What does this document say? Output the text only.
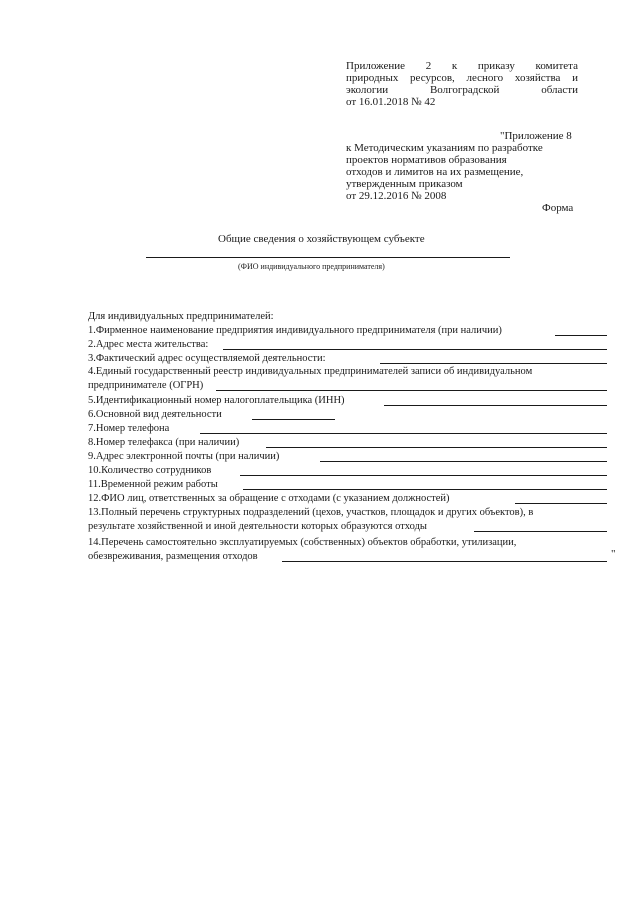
Приложение 2 к приказу комитета
природных ресурсов, лесного хозяйства и
экологии Волгоградской области
от 16.01.2018 № 42
"Приложение 8
к Методическим указаниям по разработке
проектов нормативов образования
отходов и лимитов на их размещение,
утвержденным приказом
от 29.12.2016 № 2008
Форма
Общие сведения о хозяйствующем субъекте
(ФИО индивидуального предпринимателя)
Для индивидуальных предпринимателей:
1.Фирменное наименование предприятия индивидуального предпринимателя (при наличии)
2.Адрес места жительства:
3.Фактический адрес осуществляемой деятельности:
4.Единый государственный реестр индивидуальных предпринимателей записи об индивидуальном
предпринимателе (ОГРН)
5.Идентификационный номер налогоплательщика (ИНН)
6.Основной вид деятельности
7.Номер телефона
8.Номер телефакса (при наличии)
9.Адрес электронной почты (при наличии)
10.Количество сотрудников
11.Временной режим работы
12.ФИО лиц, ответственных за обращение с отходами (с указанием должностей)
13.Полный перечень структурных подразделений (цехов, участков, площадок и других объектов), в
результате хозяйственной и иной деятельности которых образуются отходы
14.Перечень самостоятельно эксплуатируемых (собственных) объектов обработки, утилизации,
обезвреживания, размещения отходов	"
